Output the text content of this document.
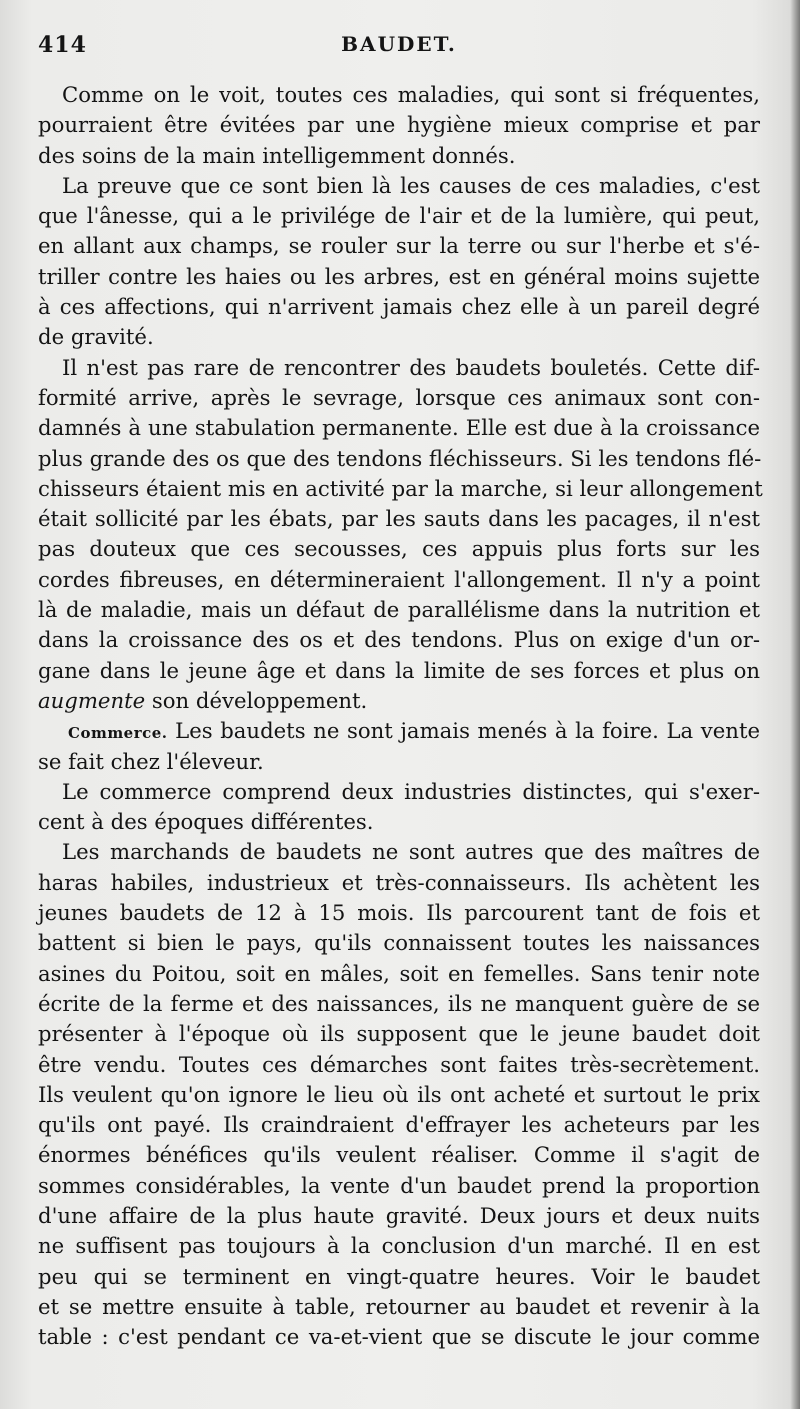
414	BAUDET.
Comme on le voit, toutes ces maladies, qui sont si fréquentes,
pourraient être évitées par une hygiène mieux comprise et par
des soins de la main intelligemment donnés.
La preuve que ce sont bien là les causes de ces maladies, c'est
que l'ânesse, qui a le privilége de l'air et de la lumière, qui peut,
en allant aux champs, se rouler sur la terre ou sur l'herbe et s'é-
triller contre les haies ou les arbres, est en général moins sujette
à ces affections, qui n'arrivent jamais chez elle à un pareil degré
de gravité.
Il n'est pas rare de rencontrer des baudets bouletés. Cette dif-
formité arrive, après le sevrage, lorsque ces animaux sont con-
damnés à une stabulation permanente. Elle est due à la croissance
plus grande des os que des tendons fléchisseurs. Si les tendons flé-
chisseurs étaient mis en activité par la marche, si leur allongement
était sollicité par les ébats, par les sauts dans les pacages, il n'est
pas douteux que ces secousses, ces appuis plus forts sur les
cordes fibreuses, en détermineraient l'allongement. Il n'y a point
là de maladie, mais un défaut de parallélisme dans la nutrition et
dans la croissance des os et des tendons. Plus on exige d'un or-
gane dans le jeune âge et dans la limite de ses forces et plus on
augmente son développement.
Commerce. Les baudets ne sont jamais menés à la foire. La vente
se fait chez l'éleveur.
Le commerce comprend deux industries distinctes, qui s'exer-
cent à des époques différentes.
Les marchands de baudets ne sont autres que des maîtres de
haras habiles, industrieux et très-connaisseurs. Ils achètent les
jeunes baudets de 12 à 15 mois. Ils parcourent tant de fois et
battent si bien le pays, qu'ils connaissent toutes les naissances
asines du Poitou, soit en mâles, soit en femelles. Sans tenir note
écrite de la ferme et des naissances, ils ne manquent guère de se
présenter à l'époque où ils supposent que le jeune baudet doit
être vendu. Toutes ces démarches sont faites très-secrètement.
Ils veulent qu'on ignore le lieu où ils ont acheté et surtout le prix
qu'ils ont payé. Ils craindraient d'effrayer les acheteurs par les
énormes bénéfices qu'ils veulent réaliser. Comme il s'agit de
sommes considérables, la vente d'un baudet prend la proportion
d'une affaire de la plus haute gravité. Deux jours et deux nuits
ne suffisent pas toujours à la conclusion d'un marché. Il en est
peu qui se terminent en vingt-quatre heures. Voir le baudet
et se mettre ensuite à table, retourner au baudet et revenir à la
table : c'est pendant ce va-et-vient que se discute le jour comme
